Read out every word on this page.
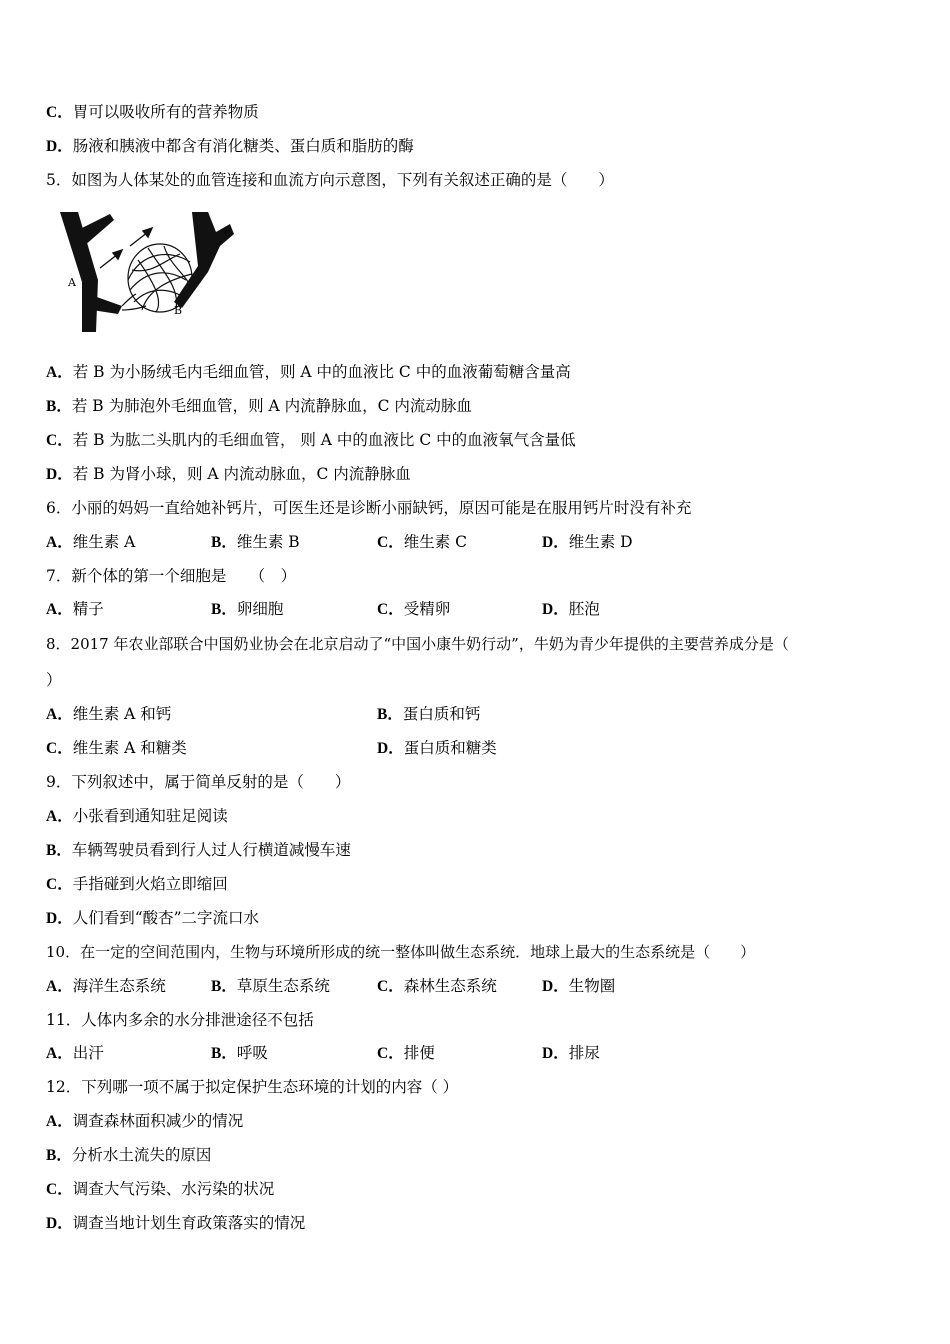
C．胃可以吸收所有的营养物质
D．肠液和胰液中都含有消化糖类、蛋白质和脂肪的酶
5．如图为人体某处的血管连接和血流方向示意图，下列有关叙述正确的是（　　）
A
B
c
A．若 B 为小肠绒毛内毛细血管，则 A 中的血液比 C 中的血液葡萄糖含量高
B．若 B 为肺泡外毛细血管，则 A 内流静脉血，C 内流动脉血
C．若 B 为肱二头肌内的毛细血管， 则 A 中的血液比 C 中的血液氧气含量低
D．若 B 为肾小球，则 A 内流动脉血，C 内流静脉血
6．小丽的妈妈一直给她补钙片，可医生还是诊断小丽缺钙，原因可能是在服用钙片时没有补充
A．维生素 A	B．维生素 B	C．维生素 C	D．维生素 D
7．新个体的第一个细胞是　　（　）
A．精子	B．卵细胞	C．受精卵	D．胚泡
8．2017 年农业部联合中国奶业协会在北京启动了“中国小康牛奶行动”，牛奶为青少年提供的主要营养成分是（
）
A．维生素 A 和钙	B．蛋白质和钙
C．维生素 A 和糖类	D．蛋白质和糖类
9．下列叙述中，属于简单反射的是（　　）
A．小张看到通知驻足阅读
B．车辆驾驶员看到行人过人行横道减慢车速
C．手指碰到火焰立即缩回
D．人们看到“酸杏”二字流口水
10．在一定的空间范围内，生物与环境所形成的统一整体叫做生态系统．地球上最大的生态系统是（　　）
A．海洋生态系统	B．草原生态系统	C．森林生态系统	D．生物圈
11．人体内多余的水分排泄途径不包括
A．出汗	B．呼吸	C．排便	D．排尿
12．下列哪一项不属于拟定保护生态环境的计划的内容（ ）
A．调查森林面积减少的情况
B．分析水土流失的原因
C．调查大气污染、水污染的状况
D．调查当地计划生育政策落实的情况
